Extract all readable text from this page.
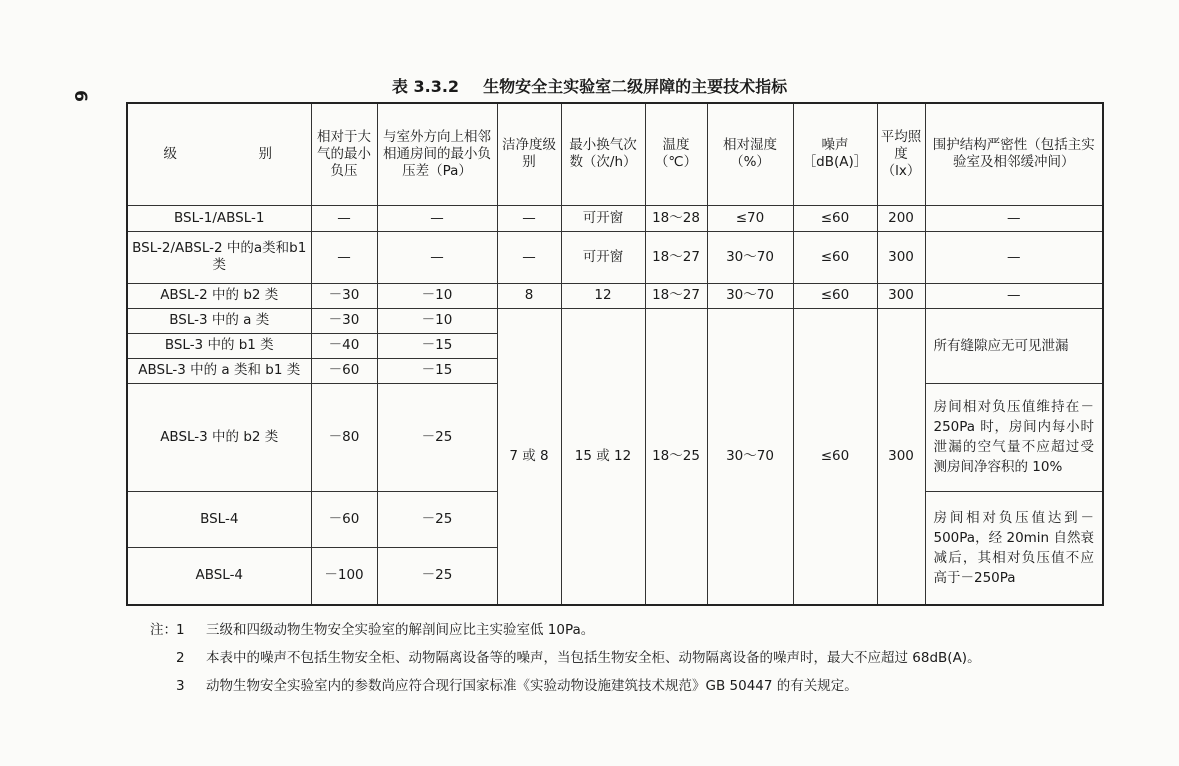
6	表 3.3.2 生物安全主实验室二级屏障的主要技术指标
级　别	相对于大气的最小负压	与室外方向上相邻相通房间的最小负压差（Pa）	洁净度级别	最小换气次数（次/h）	温度（℃）	相对湿度（%）	噪声［dB(A)］	平均照度（lx）	围护结构严密性（包括主实验室及相邻缓冲间）
BSL-1/ABSL-1	—	—	—	可开窗	18～28	≤70	≤60	200	—
BSL-2/ABSL-2 中的a类和b1类	—	—	—	可开窗	18～27	30～70	≤60	300	—
ABSL-2 中的 b2 类	－30	－10	8	12	18～27	30～70	≤60	300	—
BSL-3 中的 a 类	－30	－10	7 或 8	15 或 12	18～25	30～70	≤60	300	所有缝隙应无可见泄漏
BSL-3 中的 b1 类	－40	－15							
ABSL-3 中的 a 类和 b1 类	－60	－15							
ABSL-3 中的 b2 类	－80	－25							房间相对负压值维持在－250Pa 时，房间内每小时泄漏的空气量不应超过受测房间净容积的 10%
BSL-4	－60	－25							房间相对负压值达到－500Pa，经 20min 自然衰减后，其相对负压值不应高于－250Pa
ABSL-4	－100	－25							
注： 1	三级和四级动物生物安全实验室的解剖间应比主实验室低 10Pa。
2	本表中的噪声不包括生物安全柜、动物隔离设备等的噪声，当包括生物安全柜、动物隔离设备的噪声时，最大不应超过 68dB(A)。
3	动物生物安全实验室内的参数尚应符合现行国家标准《实验动物设施建筑技术规范》GB 50447 的有关规定。
